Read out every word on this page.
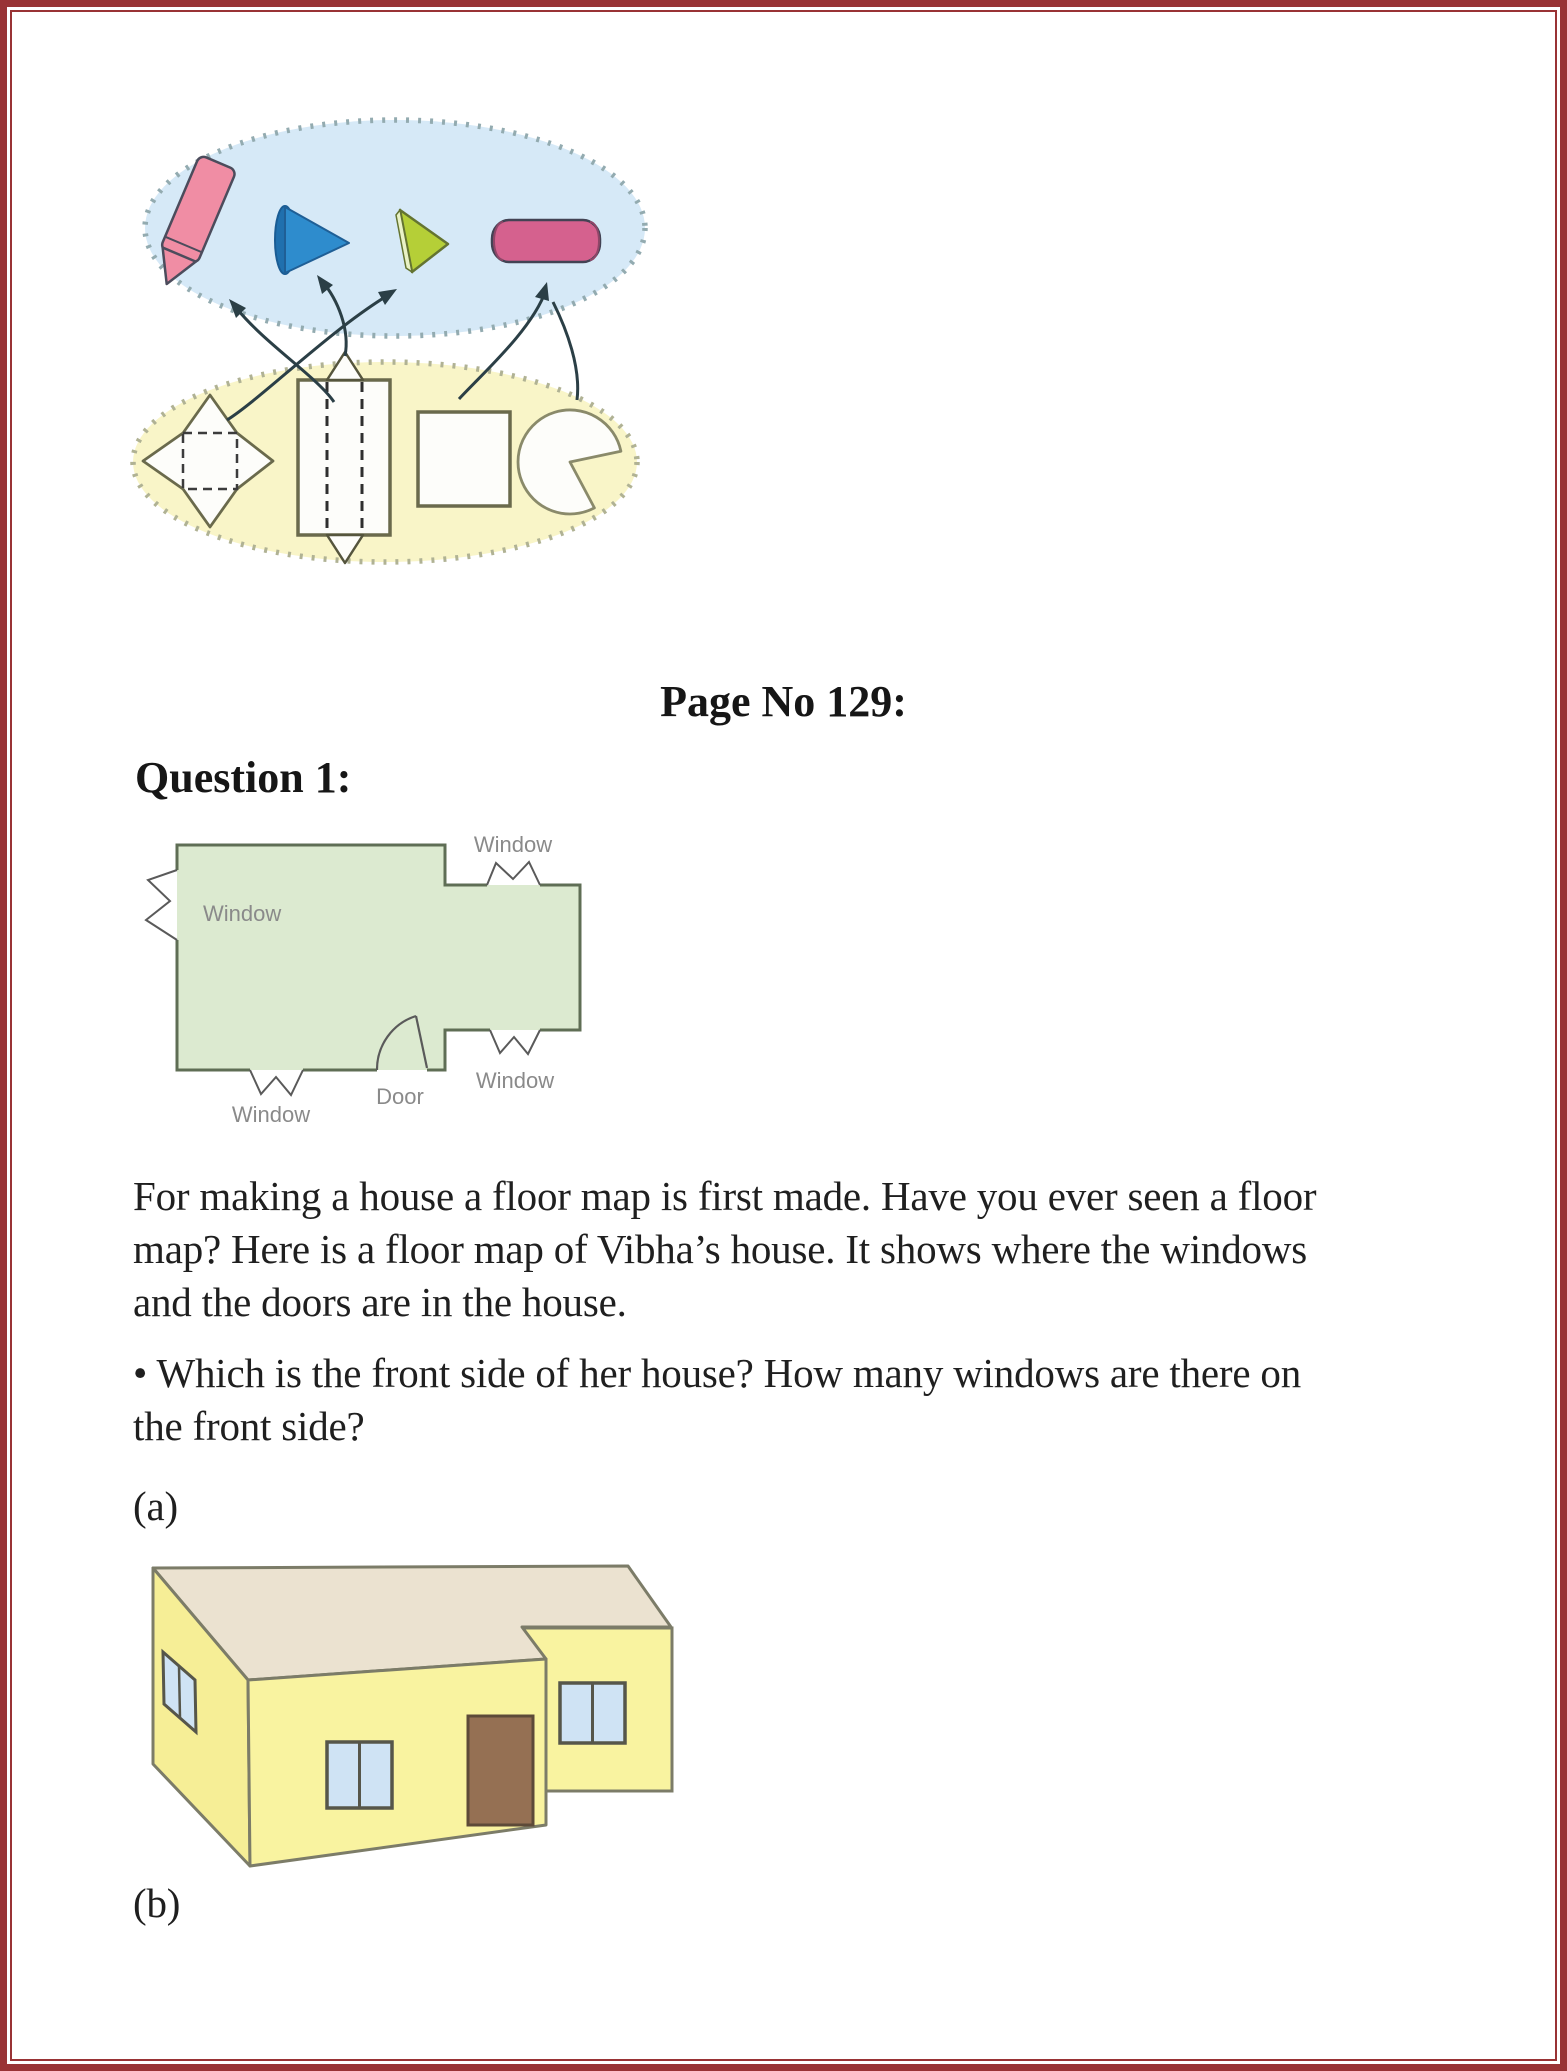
Page No 129:
Question 1:
Window
Window
Window
Door
Window
For making a house a floor map is first made. Have you ever seen a floor
map? Here is a floor map of Vibha’s house. It shows where the windows
and the doors are in the house.
• Which is the front side of her house? How many windows are there on
the front side?
(a)
(b)
